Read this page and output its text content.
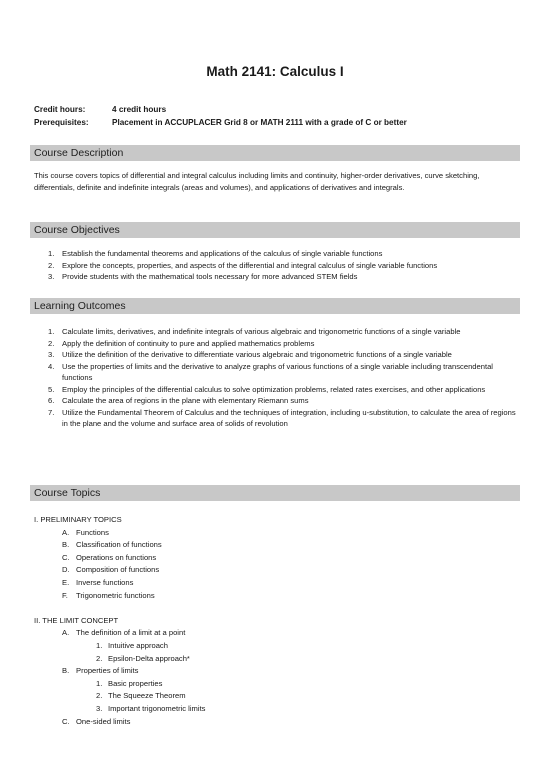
Math 2141: Calculus I
Credit hours:	4 credit hours
Prerequisites:	Placement in ACCUPLACER Grid 8 or MATH 2111 with a grade of C or better
Course Description
This course covers topics of differential and integral calculus including limits and continuity, higher-order derivatives, curve sketching, differentials, definite and indefinite integrals (areas and volumes), and applications of derivatives and integrals.
Course Objectives
1. Establish the fundamental theorems and applications of the calculus of single variable functions
2. Explore the concepts, properties, and aspects of the differential and integral calculus of single variable functions
3. Provide students with the mathematical tools necessary for more advanced STEM fields
Learning Outcomes
1. Calculate limits, derivatives, and indefinite integrals of various algebraic and trigonometric functions of a single variable
2. Apply the definition of continuity to pure and applied mathematics problems
3. Utilize the definition of the derivative to differentiate various algebraic and trigonometric functions of a single variable
4. Use the properties of limits and the derivative to analyze graphs of various functions of a single variable including transcendental functions
5. Employ the principles of the differential calculus to solve optimization problems, related rates exercises, and other applications
6. Calculate the area of regions in the plane with elementary Riemann sums
7. Utilize the Fundamental Theorem of Calculus and the techniques of integration, including u-substitution, to calculate the area of regions in the plane and the volume and surface area of solids of revolution
Course Topics
I. PRELIMINARY TOPICS
A. Functions
B. Classification of functions
C. Operations on functions
D. Composition of functions
E. Inverse functions
F. Trigonometric functions
II. THE LIMIT CONCEPT
A. The definition of a limit at a point
1. Intuitive approach
2. Epsilon-Delta approach*
B. Properties of limits
1. Basic properties
2. The Squeeze Theorem
3. Important trigonometric limits
C. One-sided limits
